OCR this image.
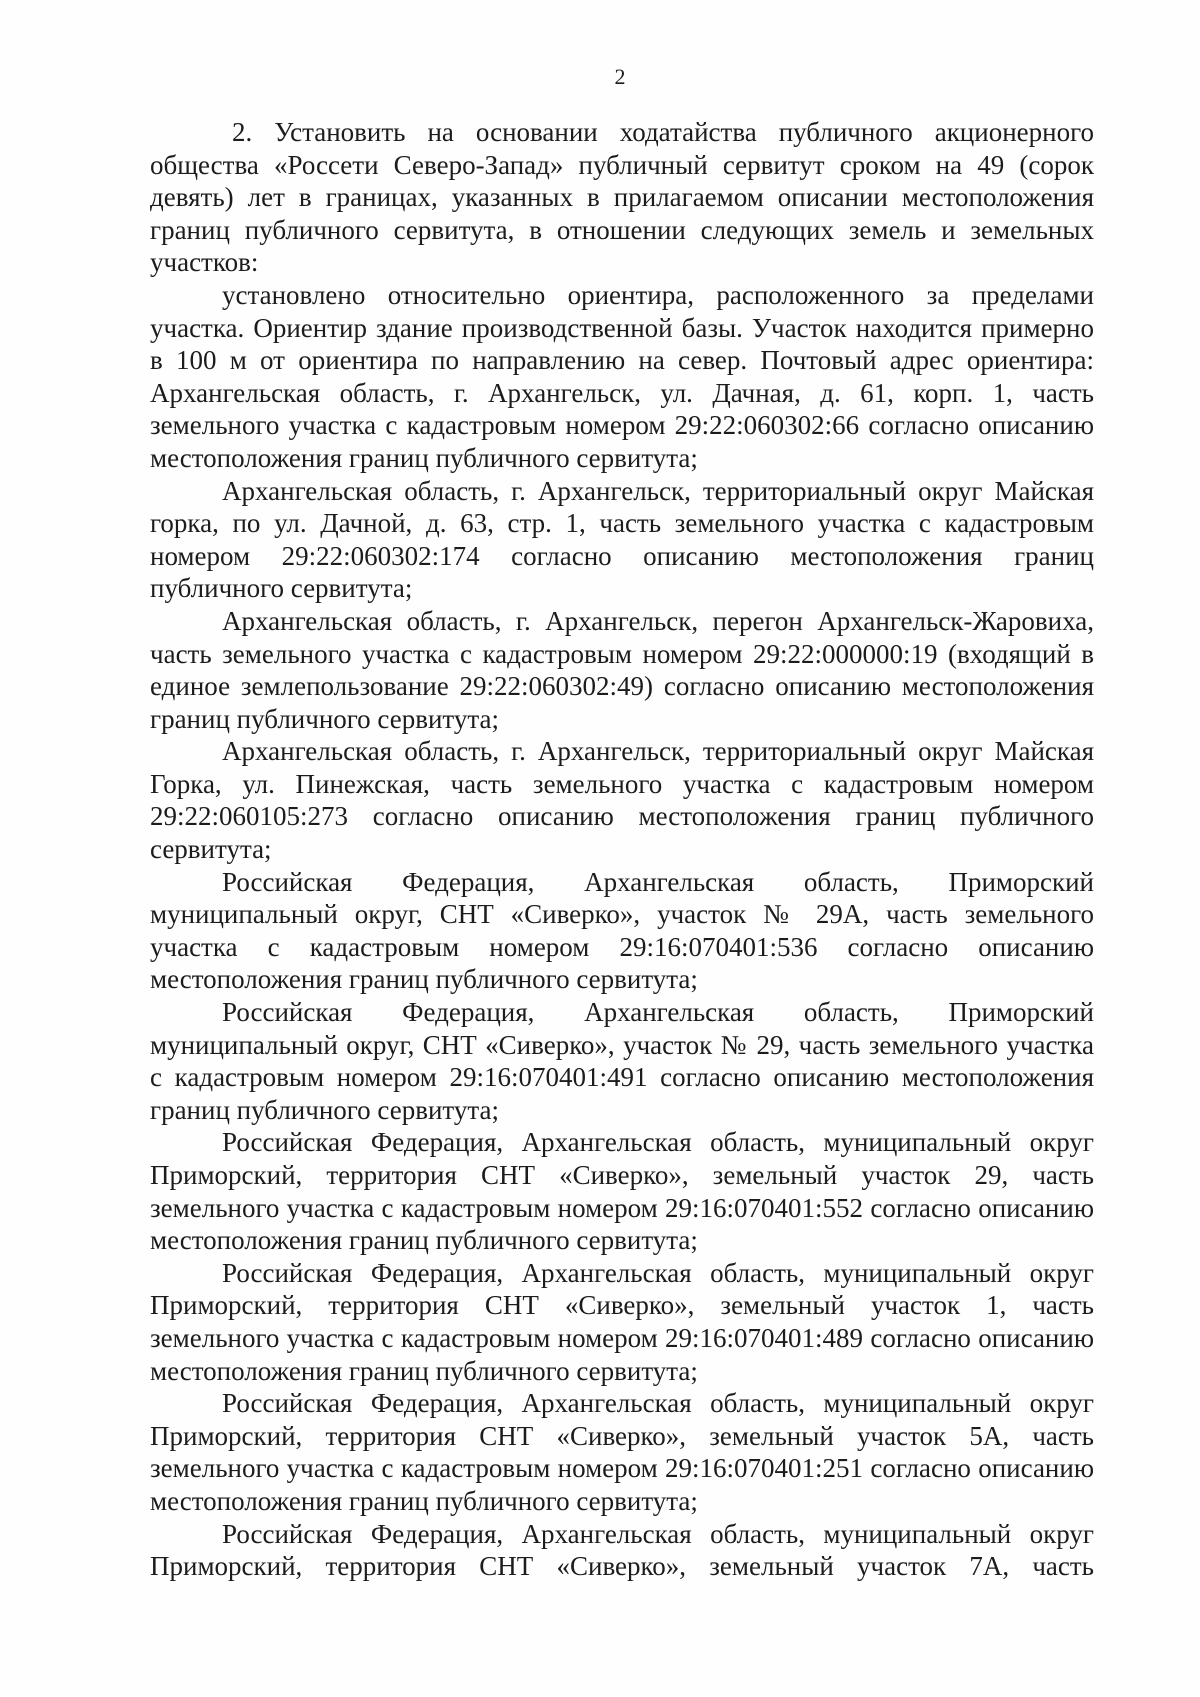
2

2. Установить на основании ходатайства публичного акционерного общества «Россети Северо-Запад» публичный сервитут сроком на 49 (сорок девять) лет в границах, указанных в прилагаемом описании местоположения границ публичного сервитута, в отношении следующих земель и земельных участков:

установлено относительно ориентира, расположенного за пределами участка. Ориентир здание производственной базы. Участок находится примерно в 100 м от ориентира по направлению на север. Почтовый адрес ориентира: Архангельская область, г. Архангельск, ул. Дачная, д. 61, корп. 1, часть земельного участка с кадастровым номером 29:22:060302:66 согласно описанию местоположения границ публичного сервитута;

Архангельская область, г. Архангельск, территориальный округ Майская горка, по ул. Дачной, д. 63, стр. 1, часть земельного участка с кадастровым номером 29:22:060302:174 согласно описанию местоположения границ публичного сервитута;

Архангельская область, г. Архангельск, перегон Архангельск-Жаровиха, часть земельного участка с кадастровым номером 29:22:000000:19 (входящий в единое землепользование 29:22:060302:49) согласно описанию местоположения границ публичного сервитута;

Архангельская область, г. Архангельск, территориальный округ Майская Горка, ул. Пинежская, часть земельного участка с кадастровым номером 29:22:060105:273 согласно описанию местоположения границ публичного сервитута;

Российская Федерация, Архангельская область, Приморский муниципальный округ, СНТ «Сиверко», участок № 29А, часть земельного участка с кадастровым номером 29:16:070401:536 согласно описанию местоположения границ публичного сервитута;

Российская Федерация, Архангельская область, Приморский муниципальный округ, СНТ «Сиверко», участок № 29, часть земельного участка с кадастровым номером 29:16:070401:491 согласно описанию местоположения границ публичного сервитута;

Российская Федерация, Архангельская область, муниципальный округ Приморский, территория СНТ «Сиверко», земельный участок 29, часть земельного участка с кадастровым номером 29:16:070401:552 согласно описанию местоположения границ публичного сервитута;

Российская Федерация, Архангельская область, муниципальный округ Приморский, территория СНТ «Сиверко», земельный участок 1, часть земельного участка с кадастровым номером 29:16:070401:489 согласно описанию местоположения границ публичного сервитута;

Российская Федерация, Архангельская область, муниципальный округ Приморский, территория СНТ «Сиверко», земельный участок 5А, часть земельного участка с кадастровым номером 29:16:070401:251 согласно описанию местоположения границ публичного сервитута;

Российская Федерация, Архангельская область, муниципальный округ Приморский, территория СНТ «Сиверко», земельный участок 7А, часть
